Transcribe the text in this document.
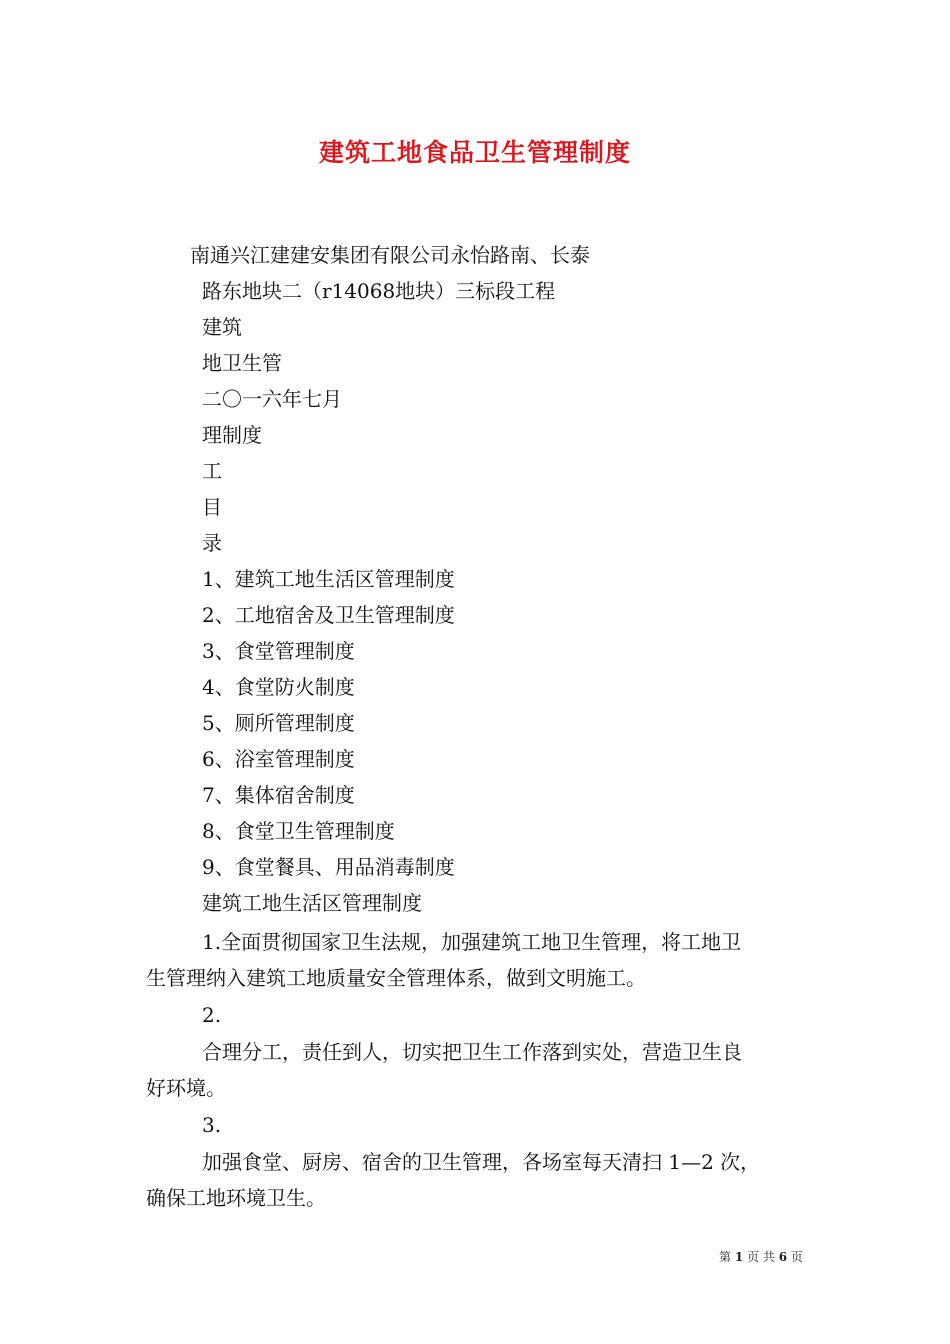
建筑工地食品卫生管理制度
南通兴江建建安集团有限公司永怡路南、长泰
路东地块二（r14068地块）三标段工程
建筑
地卫生管
二〇一六年七月
理制度
工
目
录
1、建筑工地生活区管理制度
2、工地宿舍及卫生管理制度
3、食堂管理制度
4、食堂防火制度
5、厕所管理制度
6、浴室管理制度
7、集体宿舍制度
8、食堂卫生管理制度
9、食堂餐具、用品消毒制度
建筑工地生活区管理制度
1.全面贯彻国家卫生法规，加强建筑工地卫生管理，将工地卫
生管理纳入建筑工地质量安全管理体系，做到文明施工。
2.
合理分工，责任到人，切实把卫生工作落到实处，营造卫生良
好环境。
3.
加强食堂、厨房、宿舍的卫生管理，各场室每天清扫 1—2 次，
确保工地环境卫生。
第 1 页 共 6 页
